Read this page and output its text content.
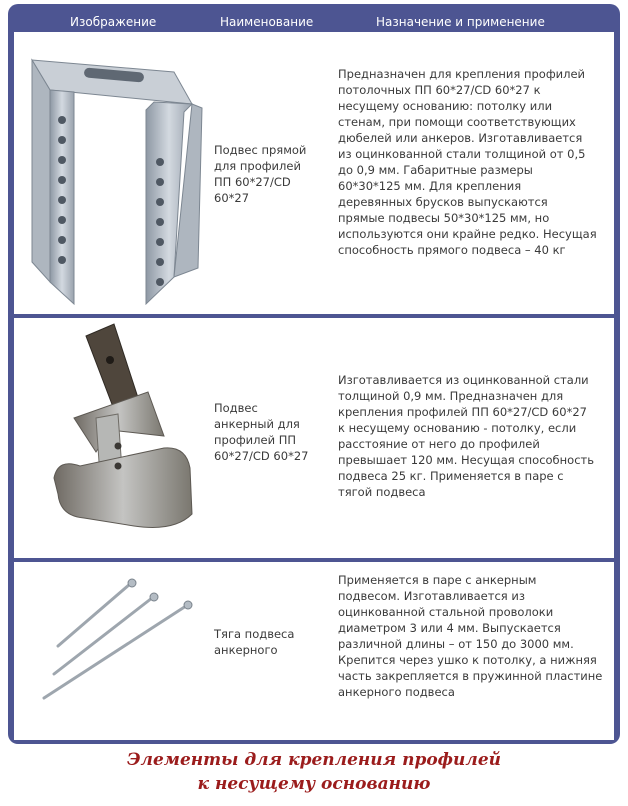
Изображение	Наименование	Назначение и применение
Подвес прямой
для профилей
ПП 60*27/CD
60*27
Предназначен для крепления профилей
потолочных ПП 60*27/CD 60*27 к
несущему основанию: потолку или
стенам, при помощи соответствующих
дюбелей или анкеров. Изготавливается
из оцинкованной стали толщиной от 0,5
до 0,9 мм. Габаритные размеры
60*30*125 мм. Для крепления
деревянных брусков выпускаются
прямые подвесы 50*30*125 мм, но
используются они крайне редко. Несущая
способность прямого подвеса – 40 кг
Подвес
анкерный для
профилей ПП
60*27/CD 60*27
Изготавливается из оцинкованной стали
толщиной 0,9 мм. Предназначен для
крепления профилей ПП 60*27/CD 60*27
к несущему основанию - потолку, если
расстояние от него до профилей
превышает 120 мм. Несущая способность
подвеса 25 кг. Применяется в паре с
тягой подвеса
Тяга подвеса
анкерного
Применяется в паре с анкерным
подвесом. Изготавливается из
оцинкованной стальной проволоки
диаметром 3 или 4 мм. Выпускается
различной длины – от 150 до 3000 мм.
Крепится через ушко к потолку, а нижняя
часть закрепляется в пружинной пластине
анкерного подвеса
Элементы для крепления профилей
к несущему основанию
